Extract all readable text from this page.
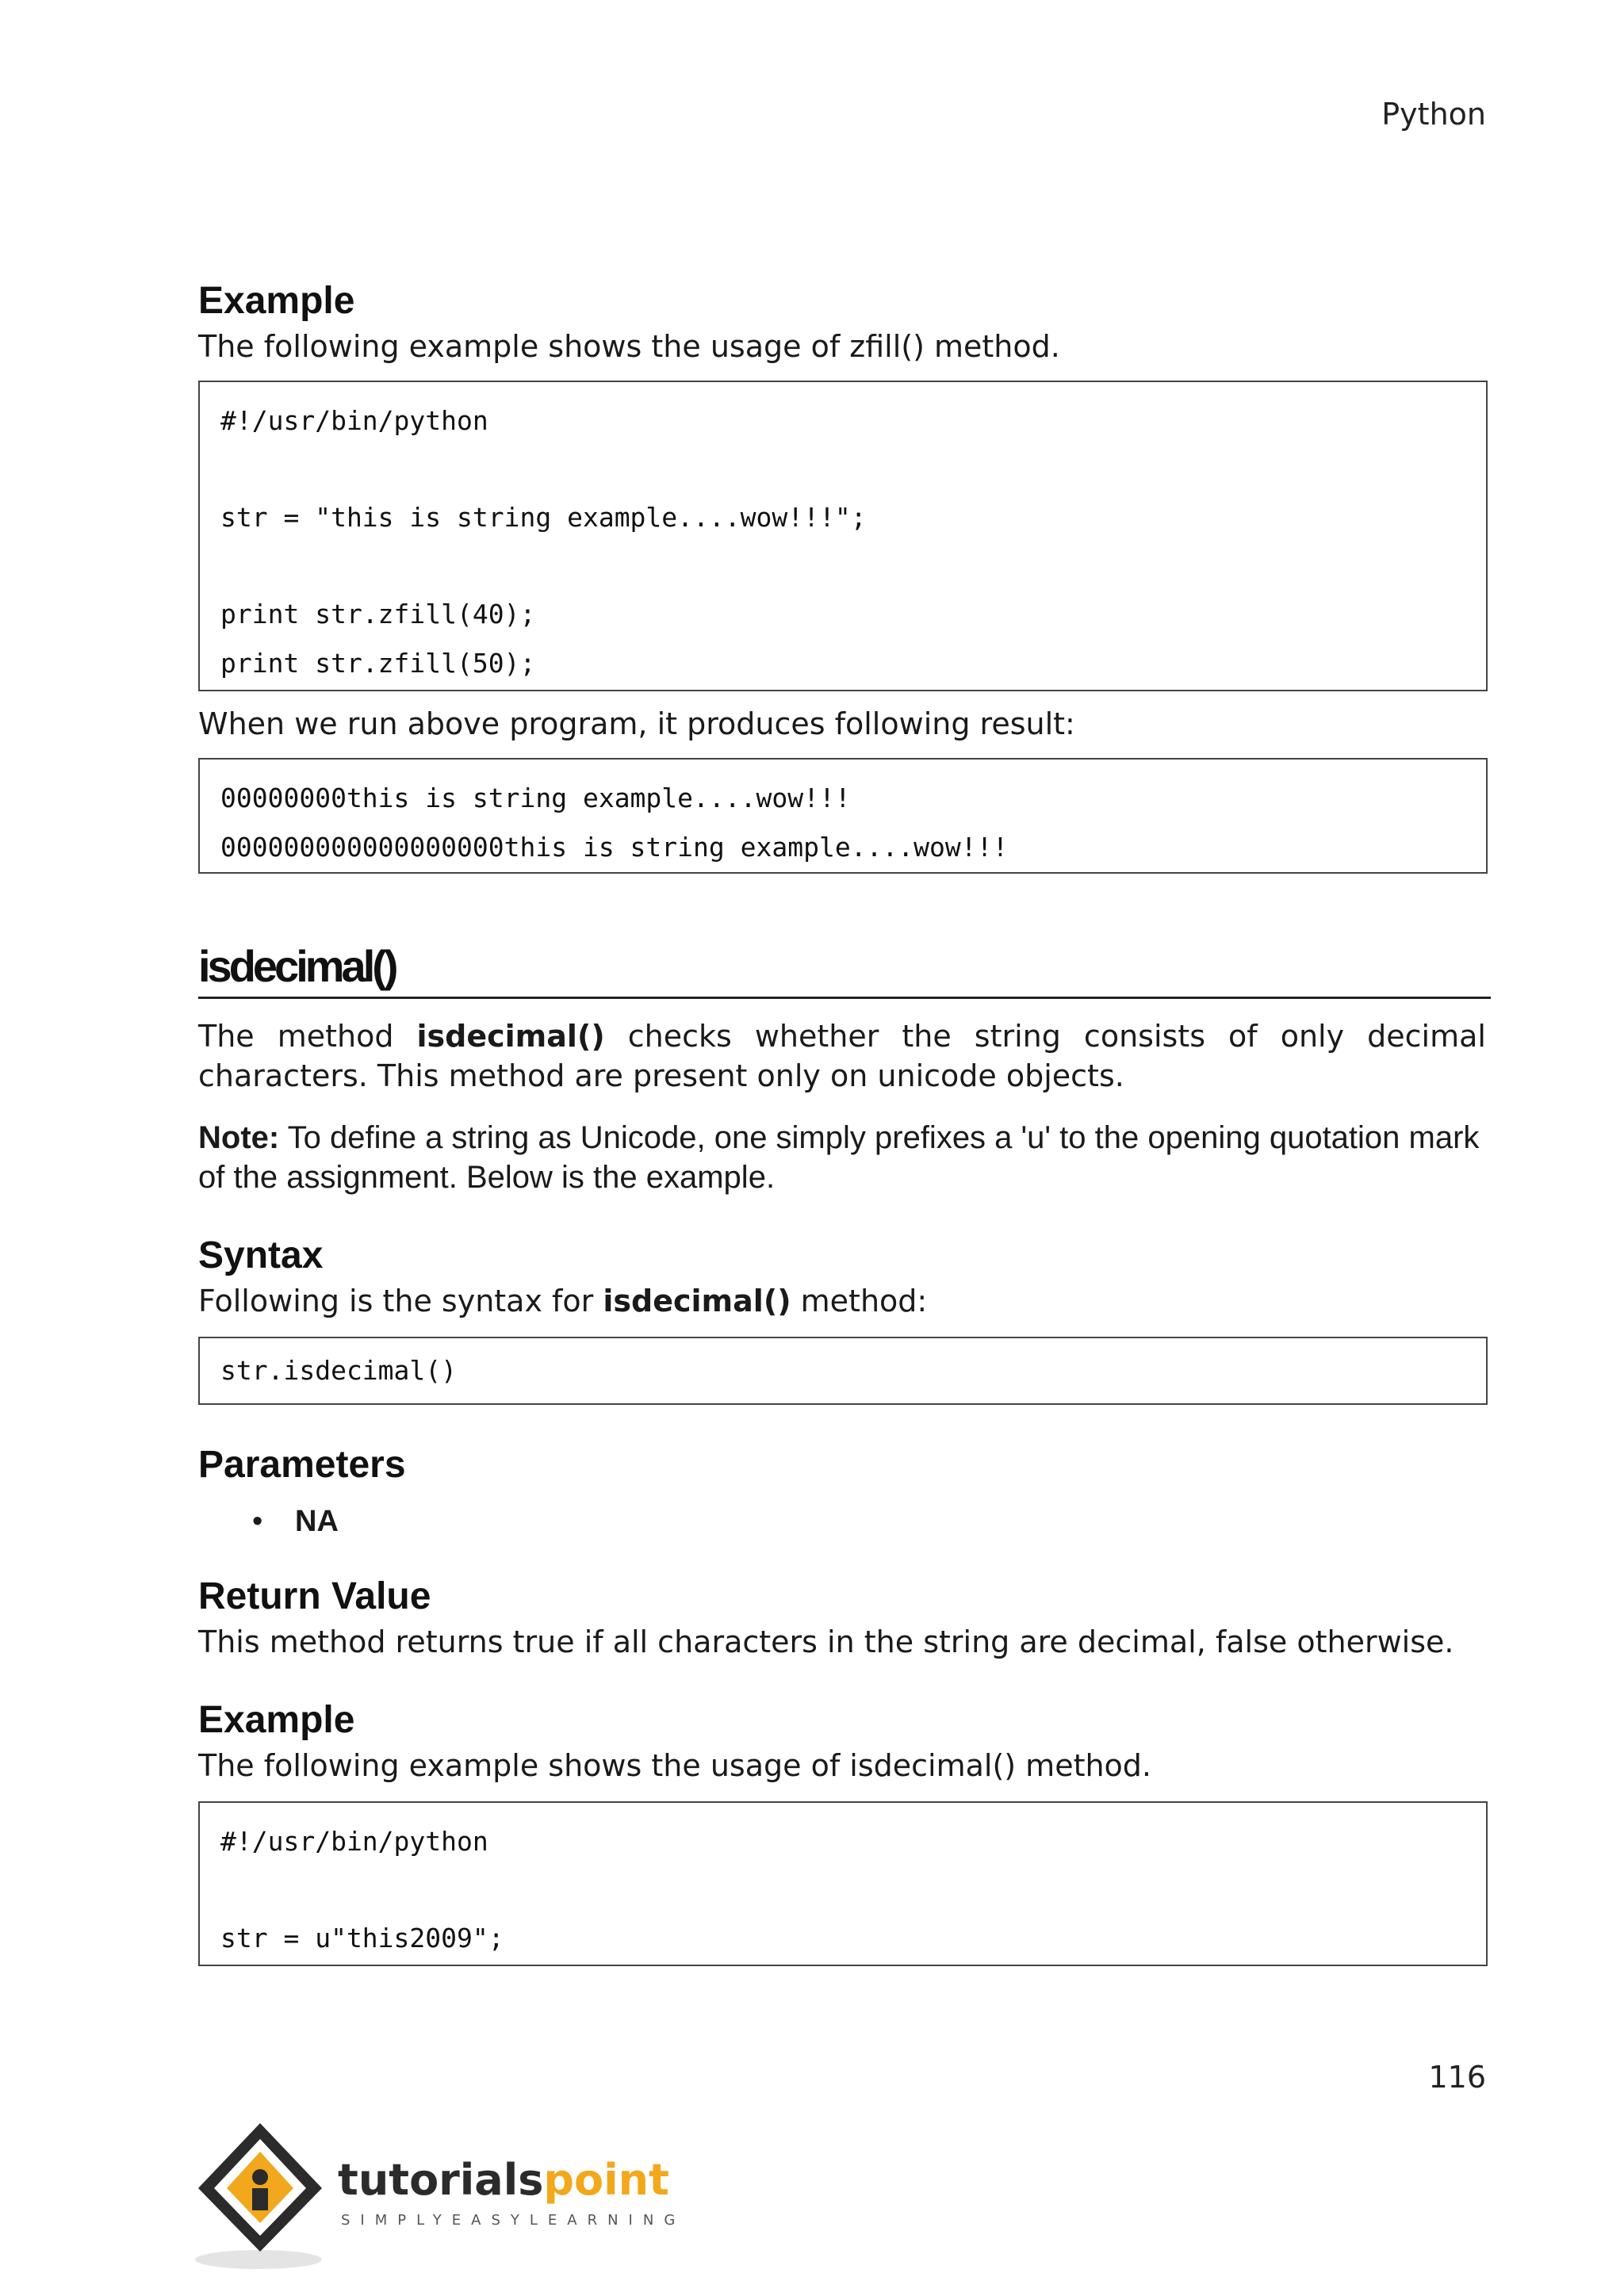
Python
Example

The following example shows the usage of zfill() method.

#!/usr/bin/python
str = "this is string example....wow!!!";
print str.zfill(40);
print str.zfill(50);

When we run above program, it produces following result:

00000000this is string example....wow!!!
000000000000000000this is string example....wow!!!
isdecimal()

The method isdecimal() checks whether the string consists of only decimal characters. This method are present only on unicode objects.

Note: To define a string as Unicode, one simply prefixes a 'u' to the opening quotation mark of the assignment. Below is the example.

Syntax

Following is the syntax for isdecimal() method:

str.isdecimal()
Parameters
• NA
Return Value

This method returns true if all characters in the string are decimal, false otherwise.

Example

The following example shows the usage of isdecimal() method.

#!/usr/bin/python
str = u"this2009";
116
tutorialspoint
SIMPLYEASYLEARNING
